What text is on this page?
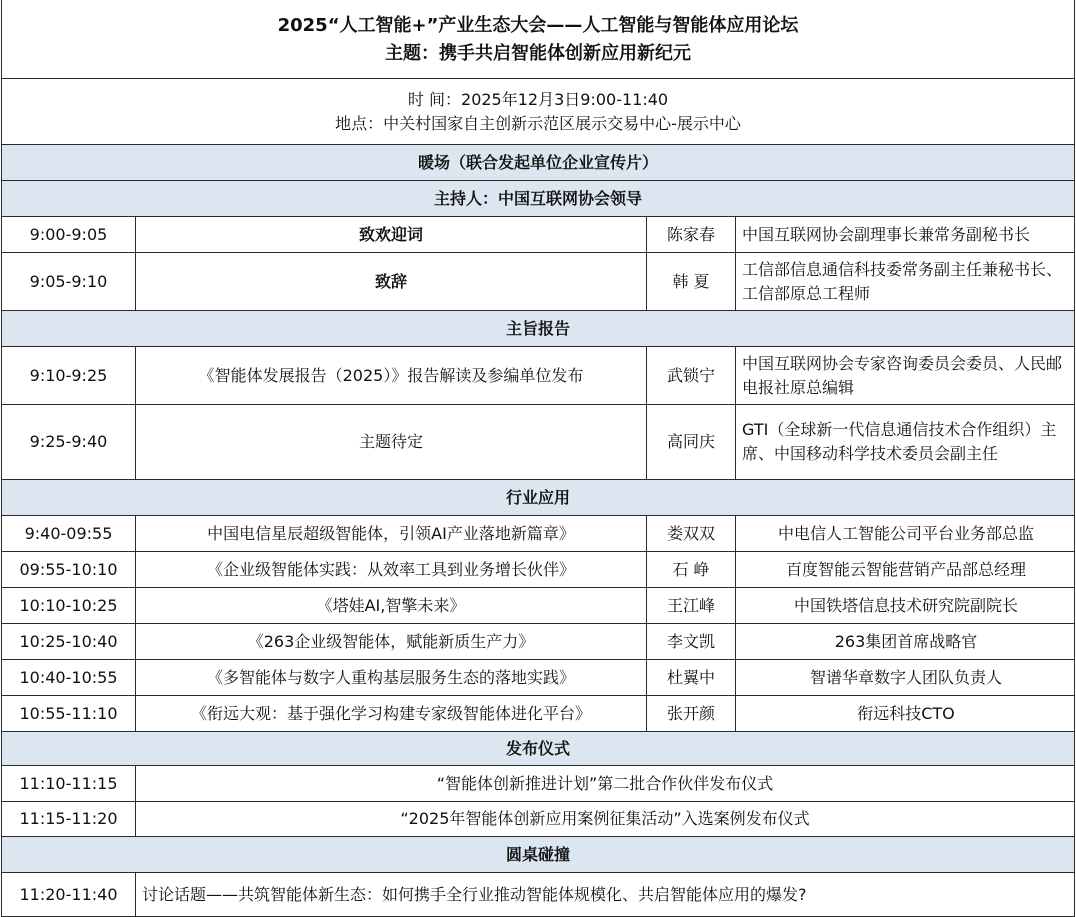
2025“人工智能+”产业生态大会——人工智能与智能体应用论坛
主题：携手共启智能体创新应用新纪元			

时 间：2025年12月3日9:00-11:40
地点：中关村国家自主创新示范区展示交易中心-展示中心			

暖场（联合发起单位企业宣传片）			
主持人：中国互联网协会领导			
9:00-9:05	致欢迎词	陈家春	中国互联网协会副理事长兼常务副秘书长
9:05-9:10	致辞	韩 夏	工信部信息通信科技委常务副主任兼秘书长、工信部原总工程师
主旨报告			
9:10-9:25	《智能体发展报告（2025）》报告解读及参编单位发布	武锁宁	中国互联网协会专家咨询委员会委员、人民邮电报社原总编辑
9:25-9:40	主题待定	高同庆	GTI（全球新一代信息通信技术合作组织）主席、中国移动科学技术委员会副主任
行业应用			
9:40-09:55	中国电信星辰超级智能体，引领AI产业落地新篇章》	娄双双	中电信人工智能公司平台业务部总监
09:55-10:10	《企业级智能体实践：从效率工具到业务增长伙伴》	石 峥	百度智能云智能营销产品部总经理
10:10-10:25	《塔娃AI,智擎未来》	王江峰	中国铁塔信息技术研究院副院长
10:25-10:40	《263企业级智能体，赋能新质生产力》	李文凯	263集团首席战略官
10:40-10:55	《多智能体与数字人重构基层服务生态的落地实践》	杜翼中	智谱华章数字人团队负责人
10:55-11:10	《衔远大观：基于强化学习构建专家级智能体进化平台》	张开颜	衔远科技CTO
发布仪式			
11:10-11:15	“智能体创新推进计划”第二批合作伙伴发布仪式		
11:15-11:20	“2025年智能体创新应用案例征集活动”入选案例发布仪式		
圆桌碰撞			
11:20-11:40	讨论话题——共筑智能体新生态：如何携手全行业推动智能体规模化、共启智能体应用的爆发?		
